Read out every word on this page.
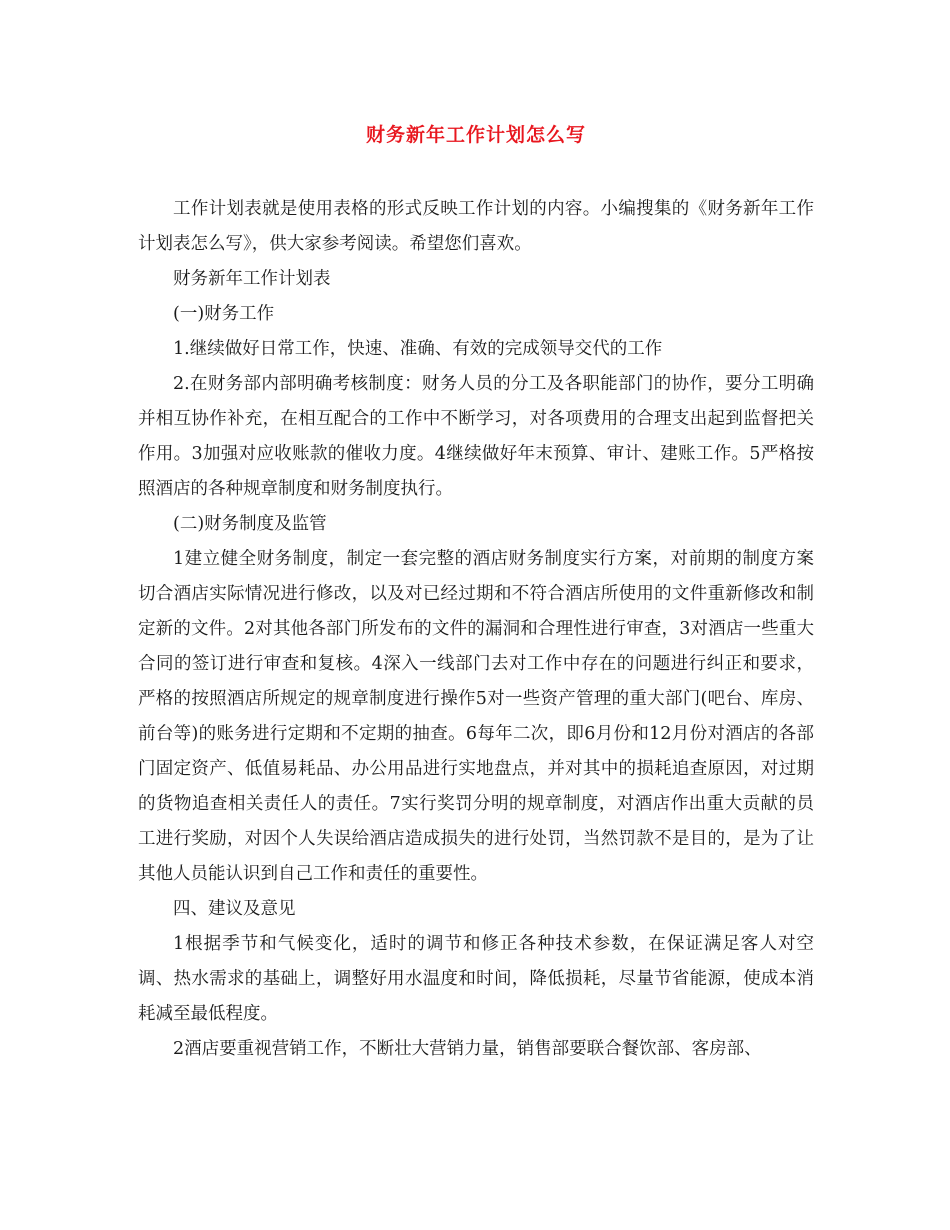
财务新年工作计划怎么写

工作计划表就是使用表格的形式反映工作计划的内容。小编搜集的《财务新年工作计划表怎么写》，供大家参考阅读。希望您们喜欢。

财务新年工作计划表

(一)财务工作

1.继续做好日常工作，快速、准确、有效的完成领导交代的工作

2.在财务部内部明确考核制度：财务人员的分工及各职能部门的协作，要分工明确并相互协作补充，在相互配合的工作中不断学习，对各项费用的合理支出起到监督把关作用。3加强对应收账款的催收力度。4继续做好年末预算、审计、建账工作。5严格按照酒店的各种规章制度和财务制度执行。

(二)财务制度及监管

1建立健全财务制度，制定一套完整的酒店财务制度实行方案，对前期的制度方案切合酒店实际情况进行修改，以及对已经过期和不符合酒店所使用的文件重新修改和制定新的文件。2对其他各部门所发布的文件的漏洞和合理性进行审查，3对酒店一些重大合同的签订进行审查和复核。4深入一线部门去对工作中存在的问题进行纠正和要求，严格的按照酒店所规定的规章制度进行操作5对一些资产管理的重大部门(吧台、库房、前台等)的账务进行定期和不定期的抽查。6每年二次，即6月份和12月份对酒店的各部门固定资产、低值易耗品、办公用品进行实地盘点，并对其中的损耗追查原因，对过期的货物追查相关责任人的责任。7实行奖罚分明的规章制度，对酒店作出重大贡献的员工进行奖励，对因个人失误给酒店造成损失的进行处罚，当然罚款不是目的，是为了让其他人员能认识到自己工作和责任的重要性。

四、建议及意见

1根据季节和气候变化，适时的调节和修正各种技术参数，在保证满足客人对空调、热水需求的基础上，调整好用水温度和时间，降低损耗，尽量节省能源，使成本消耗减至最低程度。

2酒店要重视营销工作，不断壮大营销力量，销售部要联合餐饮部、客房部、
